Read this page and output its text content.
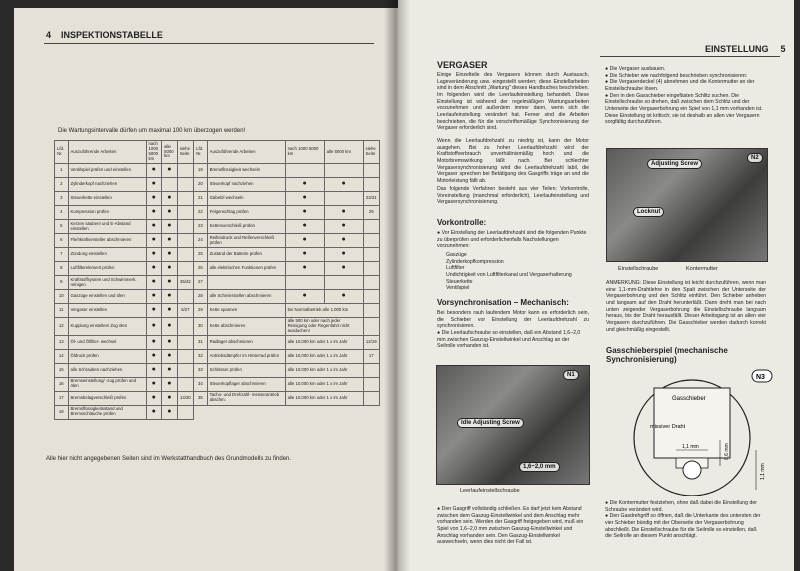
4 INSPEKTIONSTABELLE
Die Wartungsintervalle dürfen um maximal 100 km überzogen werden!
Lfd. Nr.	Auszuführende Arbeiten	nach 1000 5000 km	alle 5000 km	siehe Seite	Lfd. Nr.	Auszuführende Arbeiten	nach 1000 5000 km	alle 5000 km	siehe Seite
1	Ventilspiel prüfen und einstellen	●	●		19	Bremsflüssigkeit wechseln			
2	Zylinderkopf nachziehen	●			20	Steuerkopf nachziehen	●	●	
3	Steuerkette einstellen	●	●		21	Gabelöl wechseln	●		23/31
4	Kompression prüfen	●	●		22	Felgenschlag prüfen	●	●	29
5	Kerzen säubern und E-Abstand einstellen	●	●		23	Kettenverschleiß prüfen	●	●	
6	Fliehkraftversteller abschmieren	●	●		24	Reifendruck und Reifenverschleiß prüfen	●	●	
7	Zündung einstellen	●	●		25	Zustand der Batterie prüfen	●	●	
8	Luftfilterelement prüfen	●	●		26	alle elektrischen Funktionen prüfen	●	●	
9	Kraftstoffsystem und Schwimmerk. reinigen	●	●	35/42	27				
10	Gaszüge einstellen und ölen	●	●		28	alle Schmierstellen abschmieren	●	●	
11	Vergaser einstellen	●	●	5/27	29	Kette spannen	bei Normalbetrieb alle 1.000 km		
12	Kupplung einstellen/ Zug ölen	●	●		30	Kette abschmieren	alle 500 km oder nach jeder Reinigung oder Regenfahrt nicht ausduchen!		
13	Öl- und Ölfilter- wechsel	●	●		31	Radlager abschmieren	alle 10.000 km oder 1 x im Jahr		12/19
14	Öldruck prüfen	●	●		32	Antriebsdämpfer im Hinterrad prüfen	alle 10.000 km oder 1 x im Jahr		17
15	alle Schrauben nachziehen	●	●		33	Schlösser prüfen	alle 10.000 km oder 1 x im Jahr		
16	Bremseinstellung/ -zug prüfen und ölen	●	●		34	Steuerkopflager abschmieren	alle 10.000 km oder 1 x im Jahr		
17	Bremsbelagverschleiß prüfen	●	●	14/30	35	Tacho- und Drehzahl- messerantrieb abschm.	alle 10.000 km oder 1 x im Jahr		
18	Bremsflüssigkeitsstand und Bremsschläuche prüfen	●	●						
Alle hier nicht angegebenen Seiten sind im Werkstatthandbuch des Grundmodells zu finden.
EINSTELLUNG 5
VERGASER
Einige Einzelteile des Vergasers können durch Austausch, Lageveränderung usw. eingestellt werden; diese Einstellarbeiten sind in dem Abschnitt „Wartung" dieses Handbuches beschrieben. Im folgenden wird die Leerlaufeinstellung behandelt. Diese Einstellung ist während der regelmäßigen Wartungsarbeiten vorzunehmen und außerdem immer dann, wenn sich die Leerlaufeinstellung verändert hat. Ferner sind die Arbeiten beschrieben, die für die vorschriftsmäßige Synchronisierung der Vergaser erforderlich sind.
Wenn die Leerlaufdrehzahl zu niedrig ist, kann der Motor ausgehen. Bei zu hoher Leerlaufdrehzahl wird der Kraftstoffverbrauch unverhältnismäßig hoch und die Motorbremswirkung läßt nach. Bei schlechter Vergasersynchronisierung wird die Leerlaufdrehzahl labil, die Vergaser sprechen bei Betätigung des Gasgriffs träge an und die Motorleistung fällt ab.
Das folgende Verfahren besteht aus vier Teilen: Vorkontrolle, Voreinstellung (manchmal erforderlich), Leerlaufeinstellung und Vergasersynchronisierung.
Vorkontrolle:
● Vor Einstellung der Leerlaufdrehzahl sind die folgenden Punkte zu überprüfen und erforderlichenfalls Nachstellungen vorzunehmen:
Gaszüge
Zylinderkopfkompression
Luftfilter
Undichtigkeit von Luftfilterkanal und Vergaserhalterung
Steuerkette
Ventilspiel
Vorsynchronisation – Mechanisch:
Bei besonders rauh laufendem Motor kann es erforderlich sein, die Schieber vor Einstellung der Leerlaufdrehzahl zu synchronisieren.
● Die Leerlaufschraube so einstellen, daß ein Abstand 1,6–2,0 mm zwischen Gaszug-Einstellwinkel und Anschlag an der Seilrolle vorhanden ist.
N1
Idle Adjusting Screw
1,6~2,0 mm
Leerlaufeinstellschraube
● Den Gasgriff vollständig schließen. Es darf jetzt kein Abstand zwischen dem Gaszug-Einstellwinkel und dem Anschlag mehr vorhanden sein. Werden der Gasgriff freigegeben wird, muß ein Spiel von 1,6–2,0 mm zwischen Gaszug-Einstellwinkel und Anschlag vorhanden sein. Den Gaszug-Einstellwinkel auswechseln, wenn dies nicht der Fall ist.
● Die Vergaser ausbauen.
● Die Schieber wie nachfolgend beschrieben synchronisieren:
● Die Vergaserdeckel (4) abnehmen und die Kontermutter an der Einstellschraube lösen.
● Den in den Gasschieber eingefästen Schlitz suchen. Die Einstellschraube so drehen, daß zwischen dem Schlitz und der Unterseite der Vergaserbohrung ein Spiel von 1,1 mm vorhanden ist. Diese Einstellung ist kritisch; sie ist deshalb an allen vier Vergasern sorgfältig durchzuführen.
N2
Adjusting Screw
Locknut
Einstellschraube	Kontermutter
ANMERKUNG: Diese Einstellung ist leicht durchzuführen, wenn man eine 1,1-mm-Drahtlehre in den Spalt zwischen der Unterseite der Vergaserbohrung und den Schlitz einführt. Den Schieber anheben und langsam auf den Draht herunterläßt. Dann dreht man bei nach unten zeigender Vergaserbohrung die Einstellschraube langsam heraus, bis der Draht herausfällt. Dieser Arbeitsgang ist an allen vier Vergasern durchzuführen. Die Gasschieber werden dadurch korrekt und gleichmäßig eingestellt.
Gasschieberspiel (mechanische Synchronisierung)
N3
Gasschieber
missiver Draht
1,1 mm	0,6 mm
1,1 mm
● Die Kontermutter festziehen, ohne daß dabei die Einstellung der Schraube verändert wird.
● Den Gasdrehgriff so öffnen, daß die Unterkante des untersten der vier Schieber bündig mit der Oberseite der Vergaserbohrung abschließt. Die Einstellschraube für die Seilrolle so einstellen, daß die Seilrolle an diesem Punkt anschlägt.
